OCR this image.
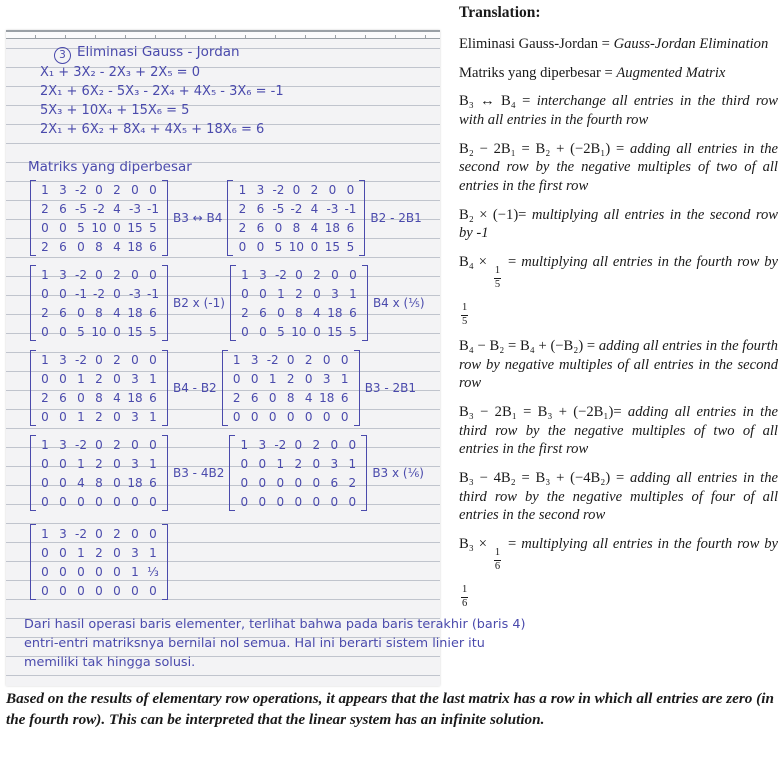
3 Eliminasi Gauss - Jordan
X₁ + 3X₂ - 2X₃ + 2X₅ = 0
2X₁ + 6X₂ - 5X₃ - 2X₄ + 4X₅ - 3X₆ = -1
5X₃ + 10X₄ + 15X₆ = 5
2X₁ + 6X₂ + 8X₄ + 4X₅ + 18X₆ = 6
Matriks yang diperbesar
1 3 -2 0 2 0 0
2 6 -5 -2 4 -3 -1
0 0 5 10 0 15 5
2 6 0 8 4 18 6
B3 ↔ B4
1 3 -2 0 2 0 0
2 6 -5 -2 4 -3 -1
2 6 0 8 4 18 6
0 0 5 10 0 15 5
B2 - 2B1
1 3 -2 0 2 0 0
0 0 -1 -2 0 -3 -1
2 6 0 8 4 18 6
0 0 5 10 0 15 5
B2 x (-1)
1 3 -2 0 2 0 0
0 0 1 2 0 3 1
2 6 0 8 4 18 6
0 0 5 10 0 15 5
B4 x (⅕)
1 3 -2 0 2 0 0
0 0 1 2 0 3 1
2 6 0 8 4 18 6
0 0 1 2 0 3 1
B4 - B2
1 3 -2 0 2 0 0
0 0 1 2 0 3 1
2 6 0 8 4 18 6
0 0 0 0 0 0 0
B3 - 2B1
1 3 -2 0 2 0 0
0 0 1 2 0 3 1
0 0 4 8 0 18 6
0 0 0 0 0 0 0
B3 - 4B2
1 3 -2 0 2 0 0
0 0 1 2 0 3 1
0 0 0 0 0 6 2
0 0 0 0 0 0 0
B3 x (⅙)
1 3 -2 0 2 0 0
0 0 1 2 0 3 1
0 0 0 0 0 1 ⅓
0 0 0 0 0 0 0
Dari hasil operasi baris elementer, terlihat bahwa pada baris terakhir (baris 4)
entri-entri matriksnya bernilai nol semua. Hal ini berarti sistem linier itu
memiliki tak hingga solusi.
Translation:

Eliminasi Gauss-Jordan = Gauss-Jordan Elimination

Matriks yang diperbesar = Augmented Matrix

B₃ ↔ B₄ = interchange all entries in the third row with all entries in the fourth row

B₂ − 2B₁ = B₂ + (−2B₁) = adding all entries in the second row by the negative multiples of two of all entries in the first row

B₂ × (−1)= multiplying all entries in the second row by -1

B₄ ×
$\frac{1}{5}$
= multiplying all entries in the fourth row by
$\frac{1}{5}$

B₄ − B₂ = B₄ + (−B₂) = adding all entries in the fourth row by negative multiples of all entries in the second row

B₃ − 2B₁ = B₃ + (−2B₁)= adding all entries in the third row by the negative multiples of two of all entries in the first row

B₃ − 4B₂ = B₃ + (−4B₂) = adding all entries in the third row by the negative multiples of four of all entries in the second row

B₃ ×
$\frac{1}{6}$
= multiplying all entries in the fourth row by
$\frac{1}{6}$

Based on the results of elementary row operations, it appears that the last matrix has a row in which all entries are zero (in the fourth row). This can be interpreted that the linear system has an infinite solution.
